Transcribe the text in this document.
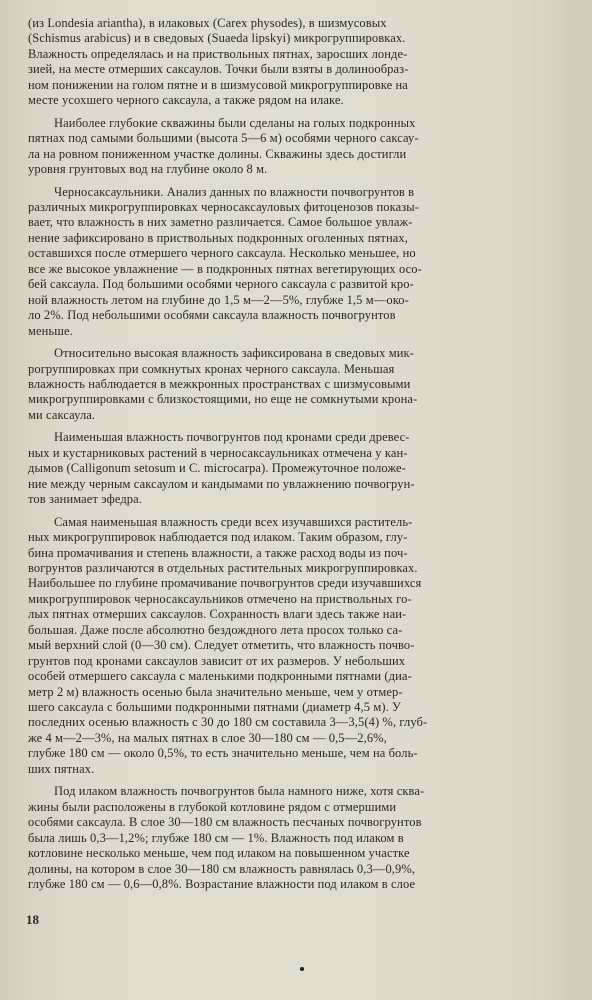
(из Londesia ariantha), в илаковых (Carex physodes), в шизмусовых
(Schismus arabicus) и в сведовых (Suaeda lipskyi) микрогруппировках.
Влажность определялась и на приствольных пятнах, заросших лонде-
зией, на месте отмерших саксаулов. Точки были взяты в долинообраз-
ном понижении на голом пятне и в шизмусовой микрогруппировке на
месте усохшего черного саксаула, а также рядом на илаке.

Наиболее глубокие скважины были сделаны на голых подкронных
пятнах под самыми большими (высота 5—6 м) особями черного саксау-
ла на ровном пониженном участке долины. Скважины здесь достигли
уровня грунтовых вод на глубине около 8 м.

Черносаксаульники. Анализ данных по влажности почвогрунтов в
различных микрогруппировках черносаксауловых фитоценозов показы-
вает, что влажность в них заметно различается. Самое большое увлаж-
нение зафиксировано в приствольных подкронных оголенных пятнах,
оставшихся после отмершего черного саксаула. Несколько меньшее, но
все же высокое увлажнение — в подкронных пятнах вегетирующих осо-
бей саксаула. Под большими особями черного саксаула с развитой кро-
ной влажность летом на глубине до 1,5 м—2—5%, глубже 1,5 м—око-
ло 2%. Под небольшими особями саксаула влажность почвогрунтов
меньше.

Относительно высокая влажность зафиксирована в сведовых мик-
рогруппировках при сомкнутых кронах черного саксаула. Меньшая
влажность наблюдается в межкронных пространствах с шизмусовыми
микрогруппировками с близкостоящими, но еще не сомкнутыми крона-
ми саксаула.

Наименьшая влажность почвогрунтов под кронами среди древес-
ных и кустарниковых растений в черносаксаульниках отмечена у кан-
дымов (Calligonum setosum и C. microcarpa). Промежуточное положе-
ние между черным саксаулом и кандымами по увлажнению почвогрун-
тов занимает эфедра.

Самая наименьшая влажность среди всех изучавшихся раститель-
ных микрогруппировок наблюдается под илаком. Таким образом, глу-
бина промачивания и степень влажности, а также расход воды из поч-
вогрунтов различаются в отдельных растительных микрогруппировках.
Наибольшее по глубине промачивание почвогрунтов среди изучавшихся
микрогруппировок черносаксаульников отмечено на приствольных го-
лых пятнах отмерших саксаулов. Сохранность влаги здесь также наи-
большая. Даже после абсолютно бездождного лета просох только са-
мый верхний слой (0—30 см). Следует отметить, что влажность почво-
грунтов под кронами саксаулов зависит от их размеров. У небольших
особей отмершего саксаула с маленькими подкронными пятнами (диа-
метр 2 м) влажность осенью была значительно меньше, чем у отмер-
шего саксаула с большими подкронными пятнами (диаметр 4,5 м). У
последних осенью влажность с 30 до 180 см составила 3—3,5(4) %, глуб-
же 4 м—2—3%, на малых пятнах в слое 30—180 см — 0,5—2,6%,
глубже 180 см — около 0,5%, то есть значительно меньше, чем на боль-
ших пятнах.

Под илаком влажность почвогрунтов была намного ниже, хотя сква-
жины были расположены в глубокой котловине рядом с отмершими
особями саксаула. В слое 30—180 см влажность песчаных почвогрунтов
была лишь 0,3—1,2%; глубже 180 см — 1%. Влажность под илаком в
котловине несколько меньше, чем под илаком на повышенном участке
долины, на котором в слое 30—180 см влажность равнялась 0,3—0,9%,
глубже 180 см — 0,6—0,8%. Возрастание влажности под илаком в слое

18
